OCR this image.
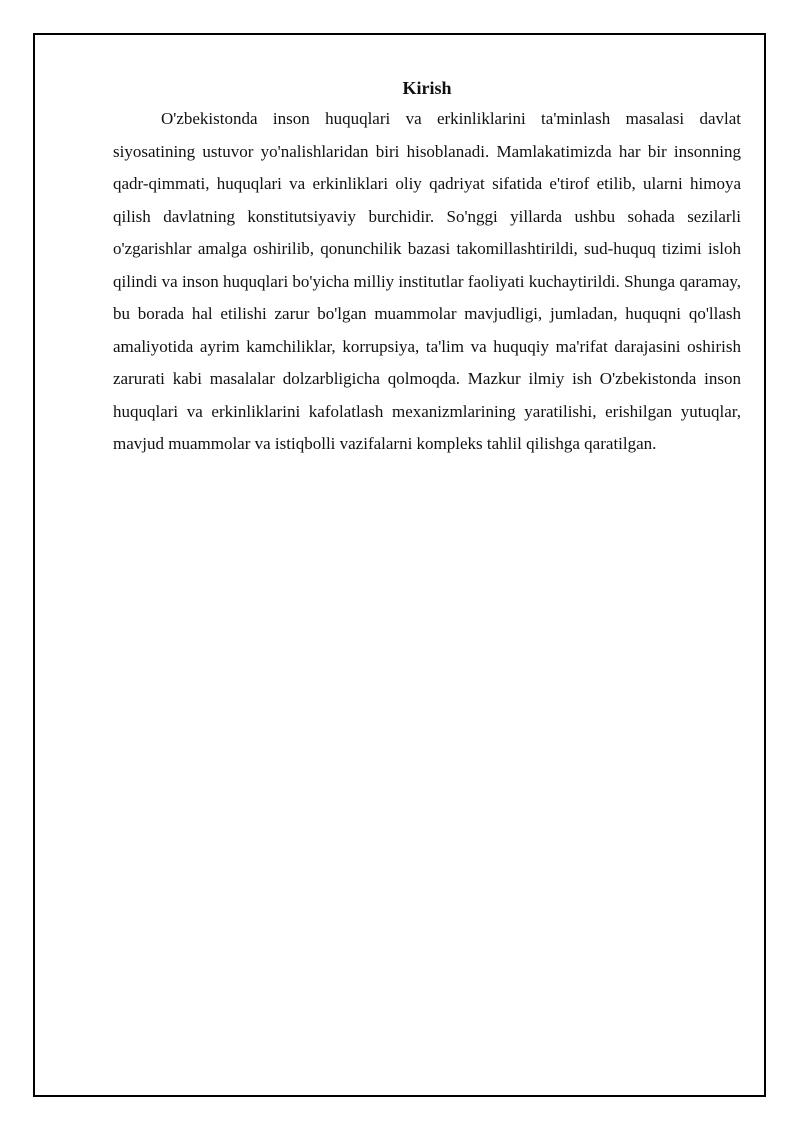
Kirish

O'zbekistonda inson huquqlari va erkinliklarini ta'minlash masalasi davlat siyosatining ustuvor yo'nalishlaridan biri hisoblanadi. Mamlakatimizda har bir insonning qadr-qimmati, huquqlari va erkinliklari oliy qadriyat sifatida e'tirof etilib, ularni himoya qilish davlatning konstitutsiyaviy burchidir. So'nggi yillarda ushbu sohada sezilarli o'zgarishlar amalga oshirilib, qonunchilik bazasi takomillashtirildi, sud-huquq tizimi isloh qilindi va inson huquqlari bo'yicha milliy institutlar faoliyati kuchaytirildi. Shunga qaramay, bu borada hal etilishi zarur bo'lgan muammolar mavjudligi, jumladan, huquqni qo'llash amaliyotida ayrim kamchiliklar, korrupsiya, ta'lim va huquqiy ma'rifat darajasini oshirish zarurati kabi masalalar dolzarbligicha qolmoqda. Mazkur ilmiy ish O'zbekistonda inson huquqlari va erkinliklarini kafolatlash mexanizmlarining yaratilishi, erishilgan yutuqlar, mavjud muammolar va istiqbolli vazifalarni kompleks tahlil qilishga qaratilgan.
